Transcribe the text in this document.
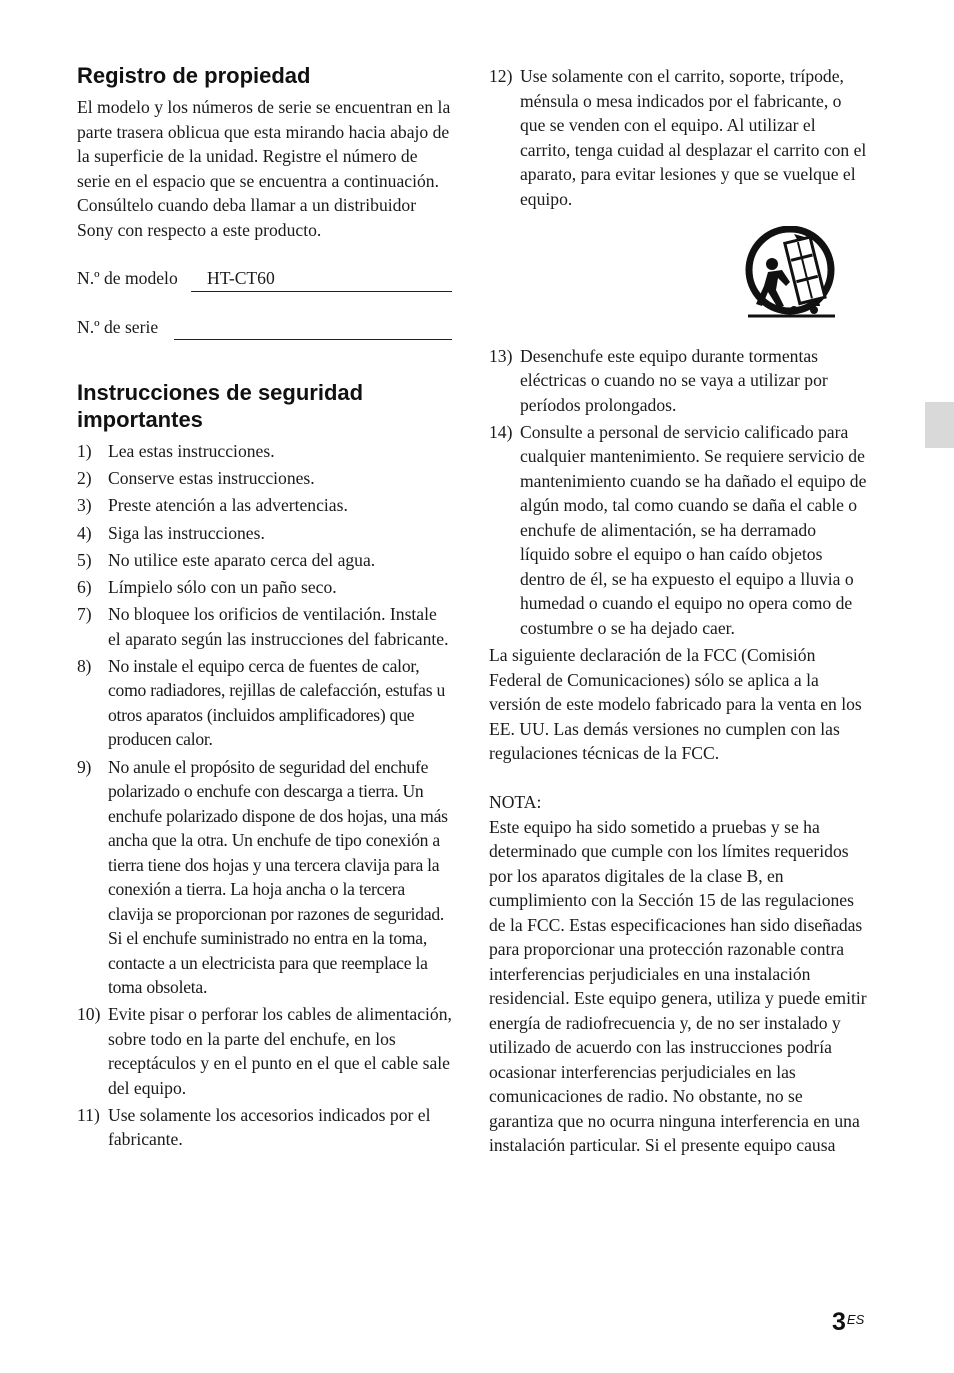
Registro de propiedad

El modelo y los números de serie se encuentran en la parte trasera oblicua que esta mirando hacia abajo de la superficie de la unidad. Registre el número de serie en el espacio que se encuentra a continuación. Consúltelo cuando deba llamar a un distribuidor Sony con respecto a este producto.

N.º de modelo HT-CT60
N.º de serie
Instrucciones de seguridad importantes
1) Lea estas instrucciones.
2) Conserve estas instrucciones.
3) Preste atención a las advertencias.
4) Siga las instrucciones.
5) No utilice este aparato cerca del agua.
6) Límpielo sólo con un paño seco.
7) No bloquee los orificios de ventilación. Instale el aparato según las instrucciones del fabricante.
8) No instale el equipo cerca de fuentes de calor, como radiadores, rejillas de calefacción, estufas u otros aparatos (incluidos amplificadores) que producen calor.
9) No anule el propósito de seguridad del enchufe polarizado o enchufe con descarga a tierra. Un enchufe polarizado dispone de dos hojas, una más ancha que la otra. Un enchufe de tipo conexión a tierra tiene dos hojas y una tercera clavija para la conexión a tierra. La hoja ancha o la tercera clavija se proporcionan por razones de seguridad. Si el enchufe suministrado no entra en la toma, contacte a un electricista para que reemplace la toma obsoleta.
10) Evite pisar o perforar los cables de alimentación, sobre todo en la parte del enchufe, en los receptáculos y en el punto en el que el cable sale del equipo.
11) Use solamente los accesorios indicados por el fabricante.
12) Use solamente con el carrito, soporte, trípode, ménsula o mesa indicados por el fabricante, o que se venden con el equipo. Al utilizar el carrito, tenga cuidad al desplazar el carrito con el aparato, para evitar lesiones y que se vuelque el equipo.
13) Desenchufe este equipo durante tormentas eléctricas o cuando no se vaya a utilizar por períodos prolongados.
14) Consulte a personal de servicio calificado para cualquier mantenimiento. Se requiere servicio de mantenimiento cuando se ha dañado el equipo de algún modo, tal como cuando se daña el cable o enchufe de alimentación, se ha derramado líquido sobre el equipo o han caído objetos dentro de él, se ha expuesto el equipo a lluvia o humedad o cuando el equipo no opera como de costumbre o se ha dejado caer.

La siguiente declaración de la FCC (Comisión Federal de Comunicaciones) sólo se aplica a la versión de este modelo fabricado para la venta en los EE. UU. Las demás versiones no cumplen con las regulaciones técnicas de la FCC.

NOTA:

Este equipo ha sido sometido a pruebas y se ha determinado que cumple con los límites requeridos por los aparatos digitales de la clase B, en cumplimiento con la Sección 15 de las regulaciones de la FCC. Estas especificaciones han sido diseñadas para proporcionar una protección razonable contra interferencias perjudiciales en una instalación residencial. Este equipo genera, utiliza y puede emitir energía de radiofrecuencia y, de no ser instalado y utilizado de acuerdo con las instrucciones podría ocasionar interferencias perjudiciales en las comunicaciones de radio. No obstante, no se garantiza que no ocurra ninguna interferencia en una instalación particular. Si el presente equipo causa

$3^{ES}$
